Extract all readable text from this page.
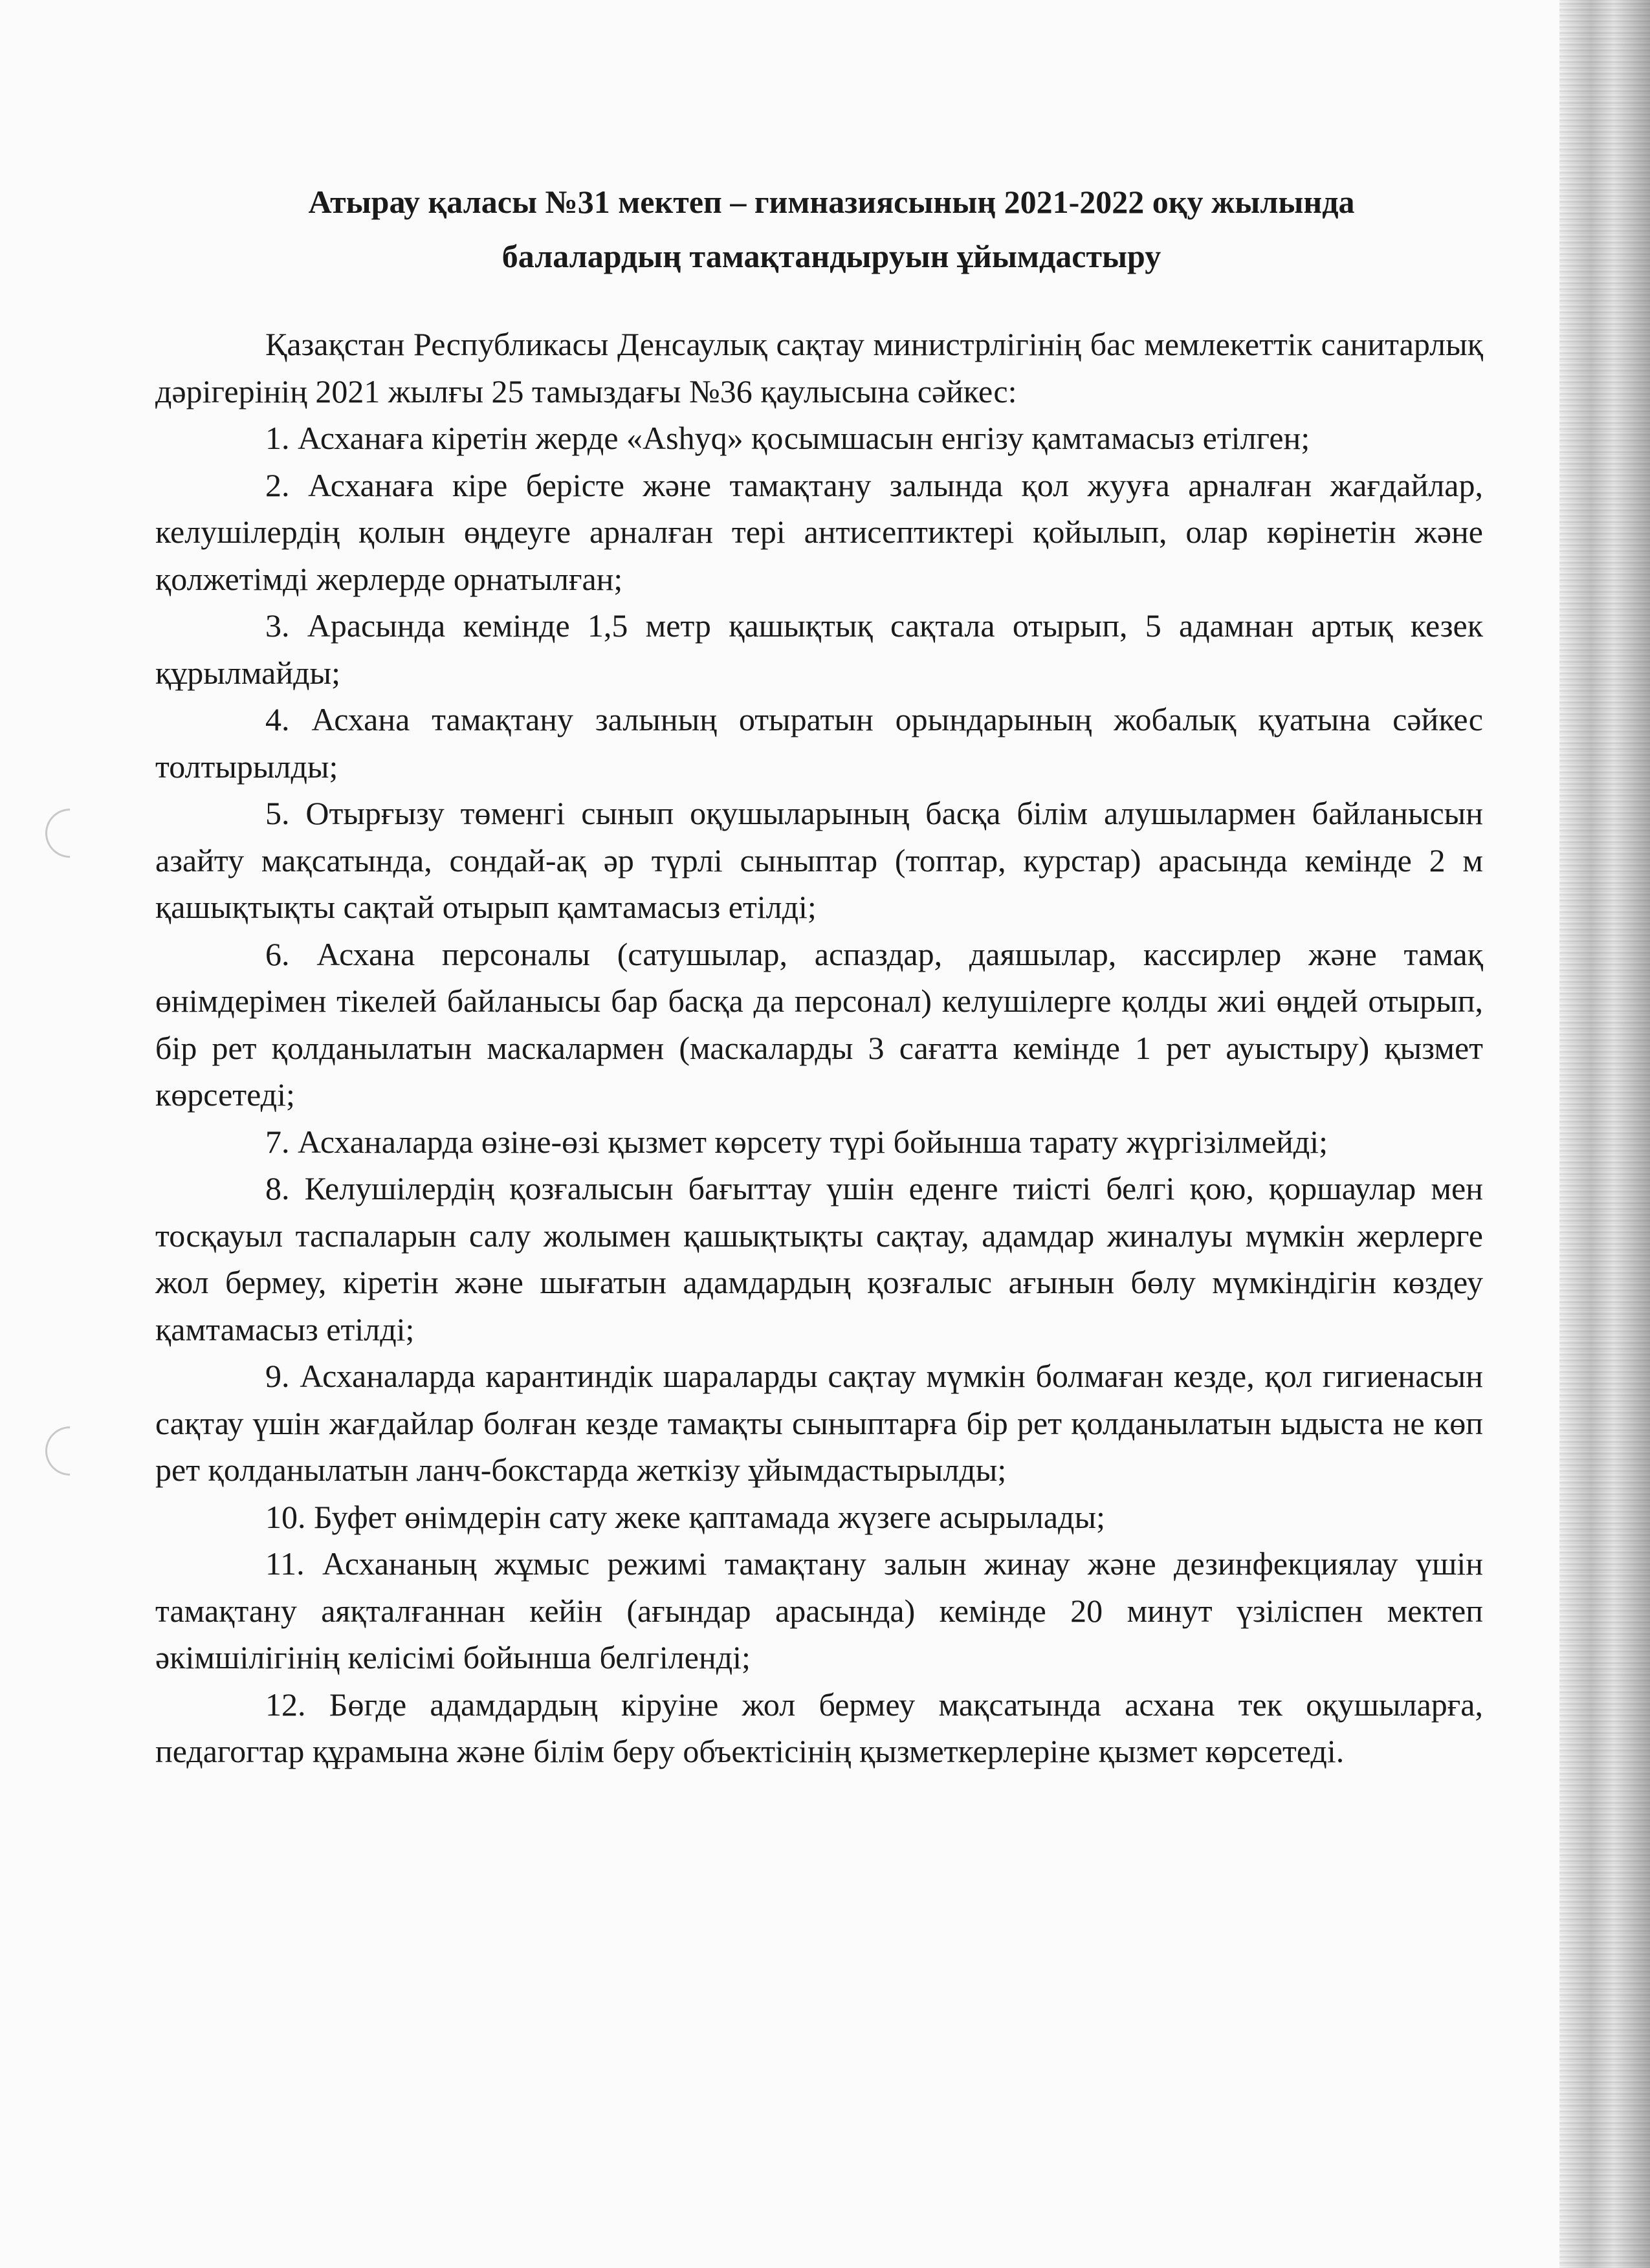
Атырау қаласы №31 мектеп – гимназиясының 2021-2022 оқу жылында
балалардың тамақтандыруын ұйымдастыру

Қазақстан Республикасы Денсаулық сақтау министрлігінің бас мемлекеттік санитарлық дәрігерінің 2021 жылғы 25 тамыздағы №36 қаулысына сәйкес:

1. Асханаға кіретін жерде «Ashyq» қосымшасын енгізу қамтамасыз етілген;

2. Асханаға кіре берісте және тамақтану залында қол жууға арналған жағдайлар, келушілердің қолын өңдеуге арналған тері антисептиктері қойылып, олар көрінетін және қолжетімді жерлерде орнатылған;

3. Арасында кемінде 1,5 метр қашықтық сақтала отырып, 5 адамнан артық кезек құрылмайды;

4. Асхана тамақтану залының отыратын орындарының жобалық қуатына сәйкес толтырылды;

5. Отырғызу төменгі сынып оқушыларының басқа білім алушылармен байланысын азайту мақсатында, сондай-ақ әр түрлі сыныптар (топтар, курстар) арасында кемінде 2 м қашықтықты сақтай отырып қамтамасыз етілді;

6. Асхана персоналы (сатушылар, аспаздар, даяшылар, кассирлер және тамақ өнімдерімен тікелей байланысы бар басқа да персонал) келушілерге қолды жиі өңдей отырып, бір рет қолданылатын маскалармен (маскаларды 3 сағатта кемінде 1 рет ауыстыру) қызмет көрсетеді;

7. Асханаларда өзіне-өзі қызмет көрсету түрі бойынша тарату жүргізілмейді;

8. Келушілердің қозғалысын бағыттау үшін еденге тиісті белгі қою, қоршаулар мен тосқауыл таспаларын салу жолымен қашықтықты сақтау, адамдар жиналуы мүмкін жерлерге жол бермеу, кіретін және шығатын адамдардың қозғалыс ағынын бөлу мүмкіндігін көздеу қамтамасыз етілді;

9. Асханаларда карантиндік шараларды сақтау мүмкін болмаған кезде, қол гигиенасын сақтау үшін жағдайлар болған кезде тамақты сыныптарға бір рет қолданылатын ыдыста не көп рет қолданылатын ланч-бокстарда жеткізу ұйымдастырылды;

10. Буфет өнімдерін сату жеке қаптамада жүзеге асырылады;

11. Асхананың жұмыс режимі тамақтану залын жинау және дезинфекциялау үшін тамақтану аяқталғаннан кейін (ағындар арасында) кемінде 20 минут үзіліспен мектеп әкімшілігінің келісімі бойынша белгіленді;

12. Бөгде адамдардың кіруіне жол бермеу мақсатында асхана тек оқушыларға, педагогтар құрамына және білім беру объектісінің қызметкерлеріне қызмет көрсетеді.
